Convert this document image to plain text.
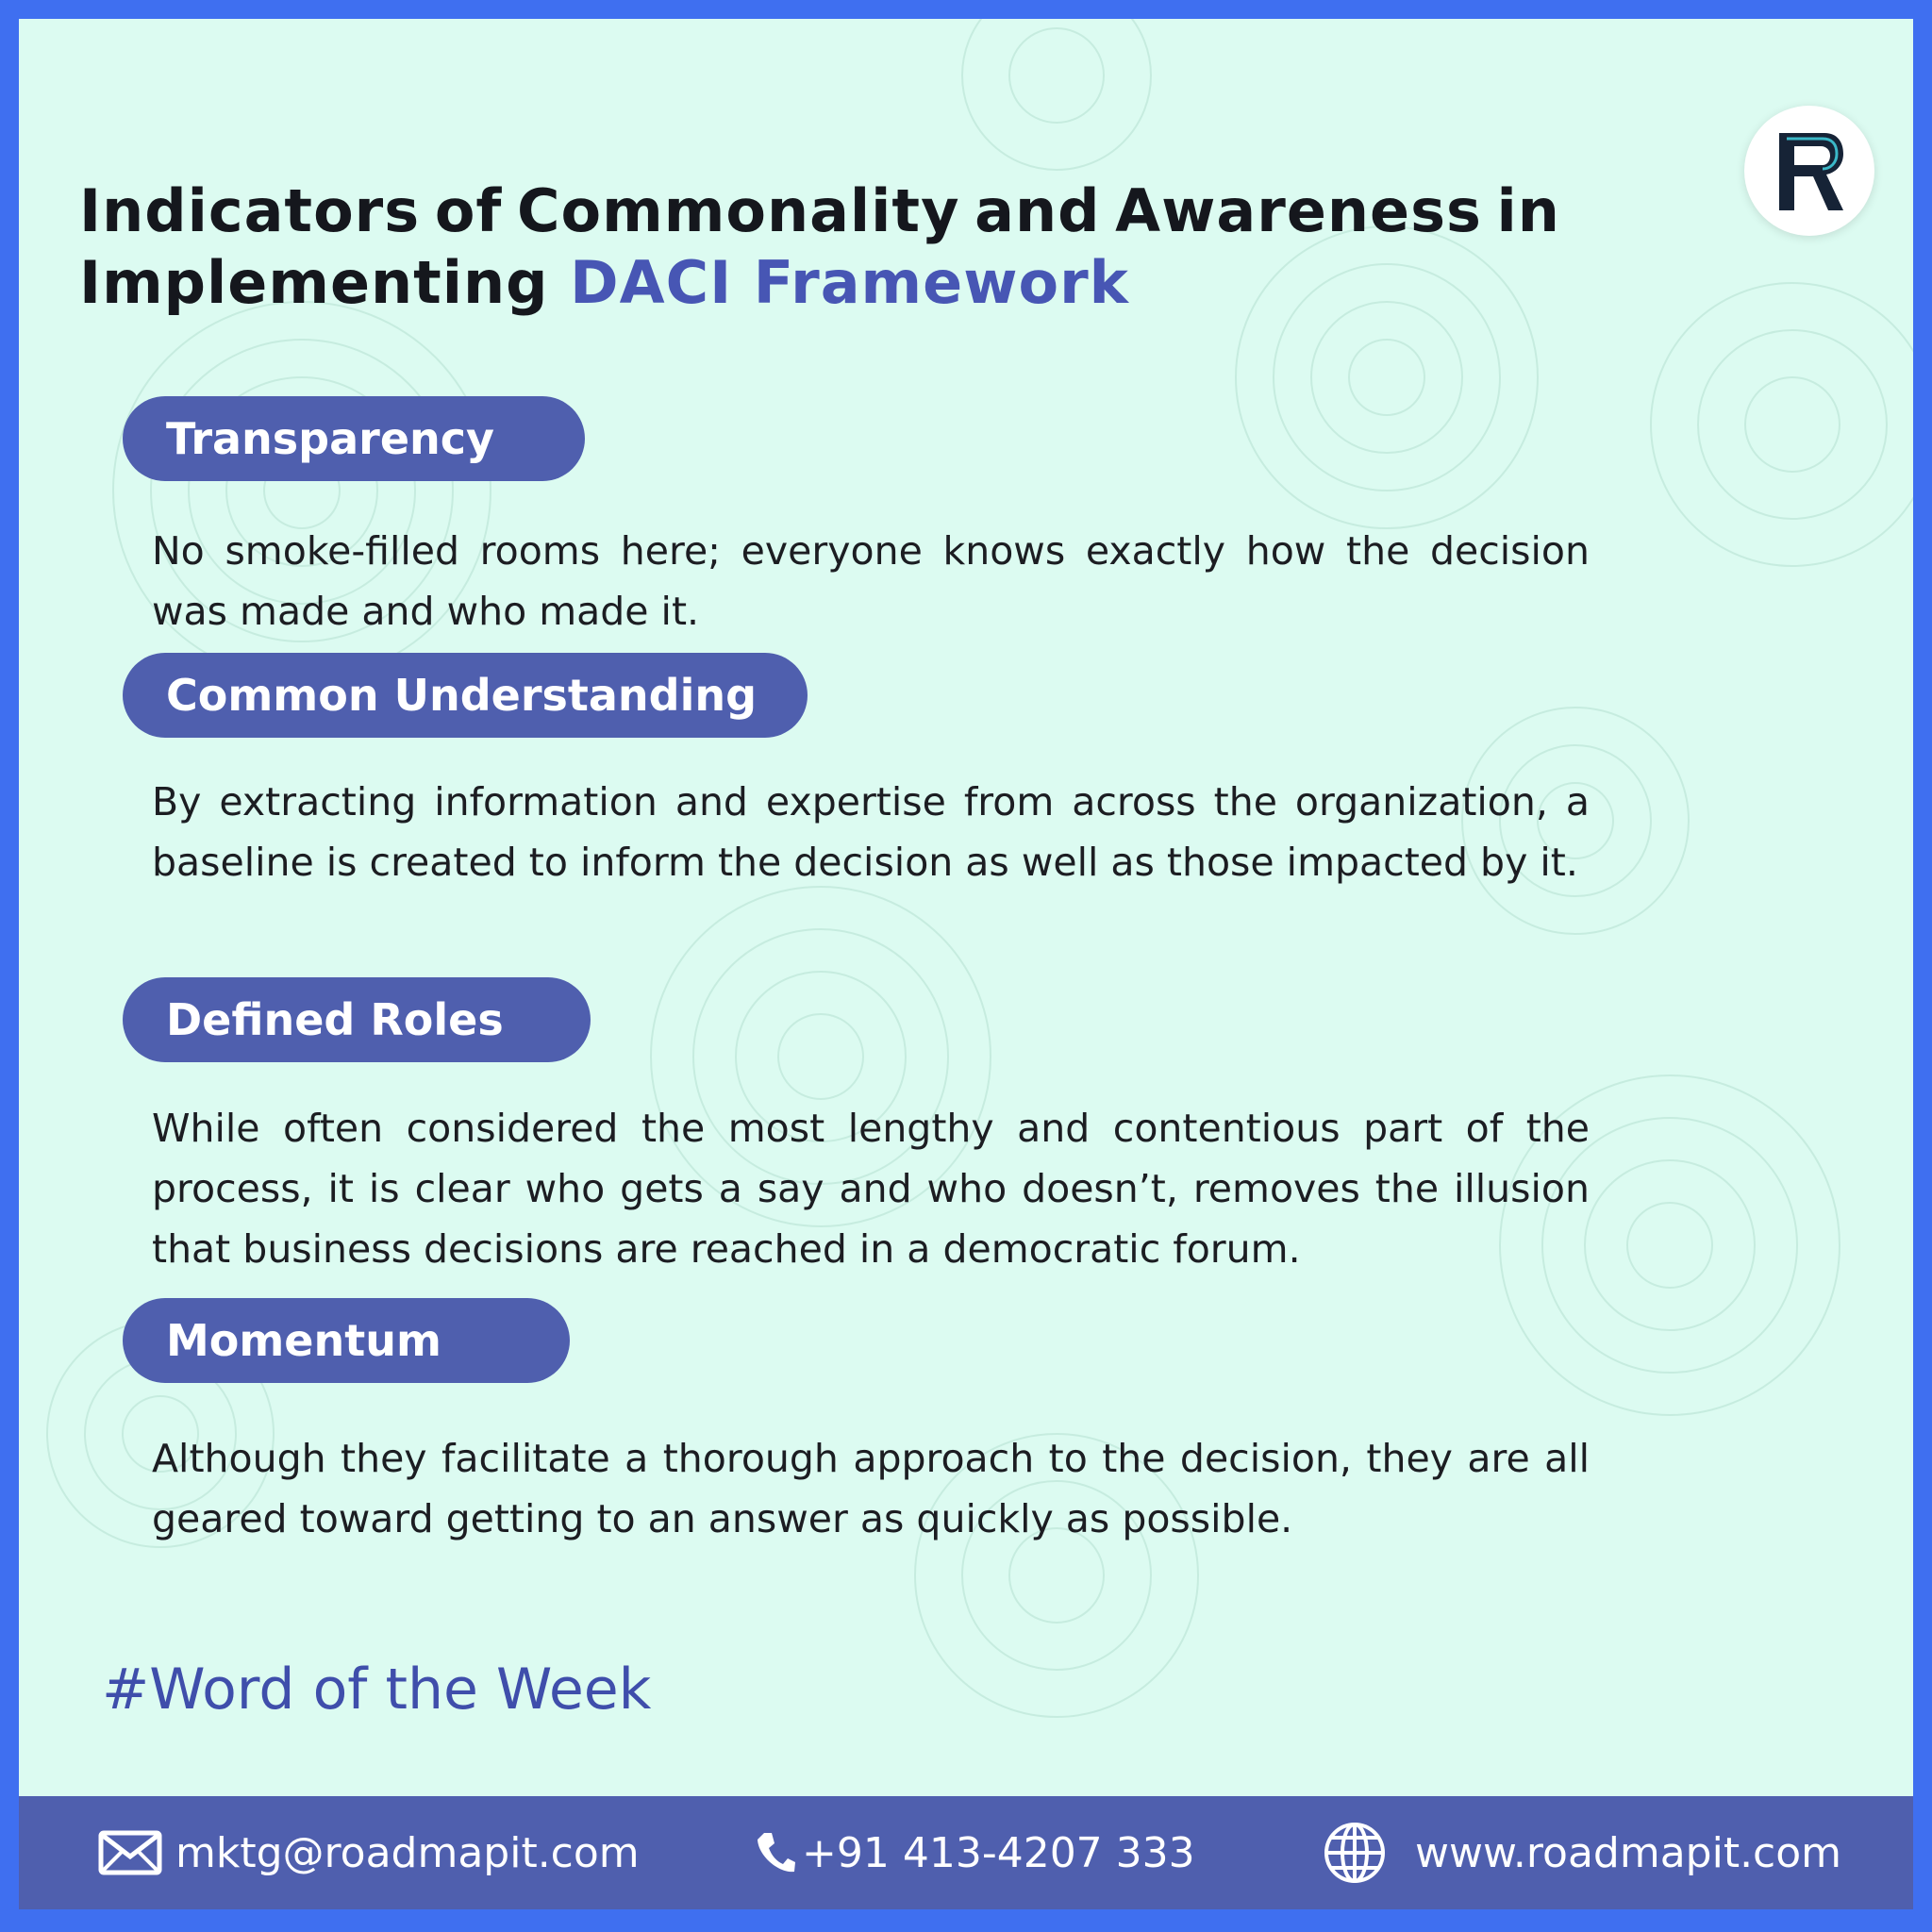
Indicators of Commonality and Awareness in
Implementing DACI Framework
Transparency

No smoke-filled rooms here; everyone knows exactly how the decision was made and who made it.

Common Understanding

By extracting information and expertise from across the organization, a baseline is created to inform the decision as well as those impacted by it.

Defined Roles

While often considered the most lengthy and contentious part of the process, it is clear who gets a say and who doesn’t, removes the illusion that business decisions are reached in a democratic forum.

Momentum

Although they facilitate a thorough approach to the decision, they are all geared toward getting to an answer as quickly as possible.

#Word of the Week

mktg@roadmapit.com	+91 413-4207 333	www.roadmapit.com
